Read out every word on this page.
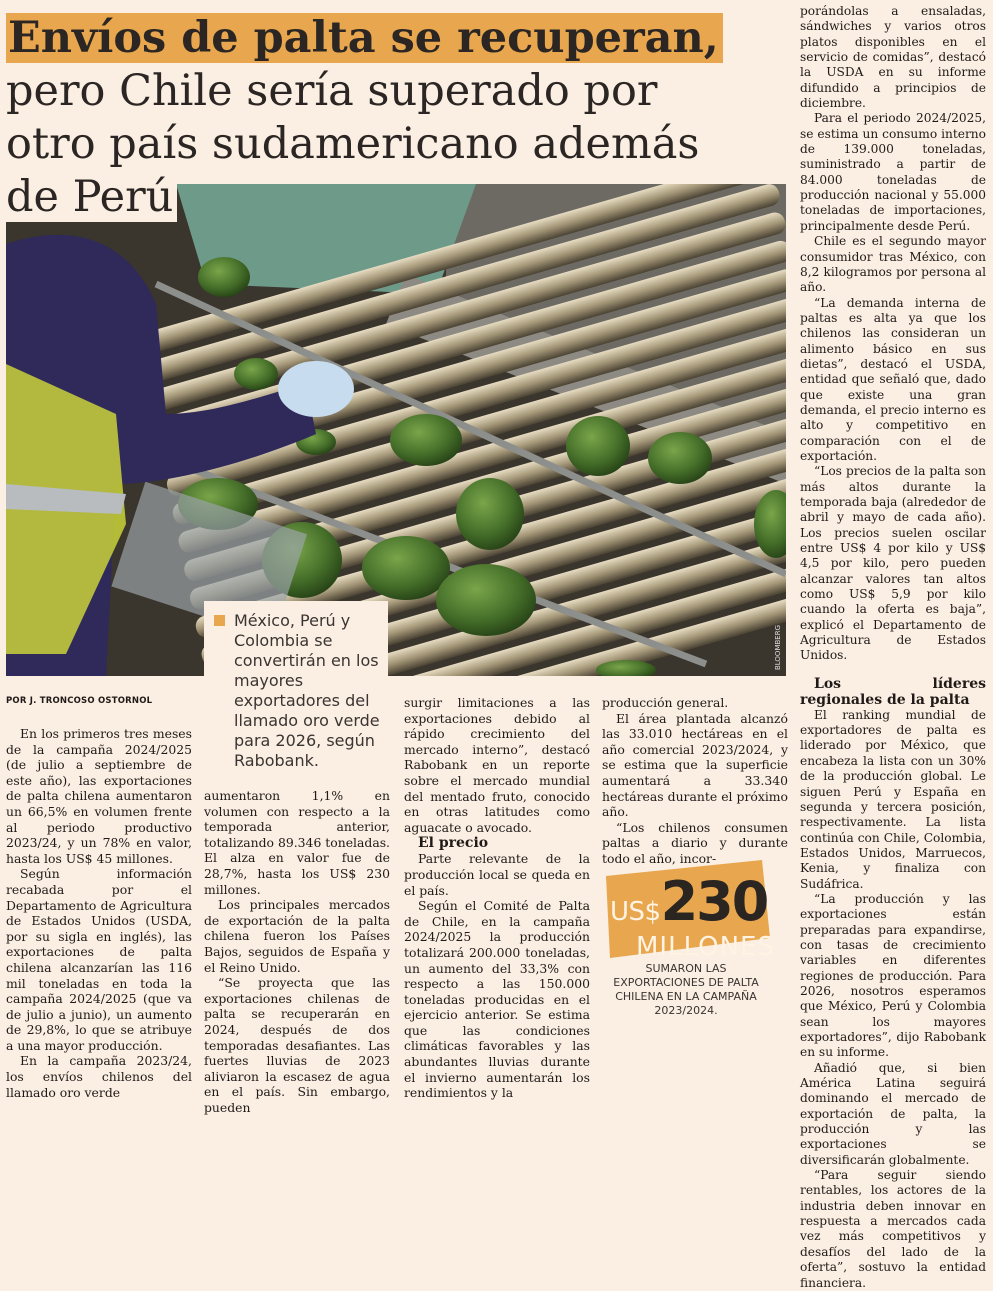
BLOOMBERG
Envíos de palta se recuperan,
pero Chile sería superado por otro país sudamericano además de Perú
México, Perú y Colombia se convertirán en los mayores exportadores del llamado oro verde para 2026, según Rabobank.
POR J. TRONCOSO OSTORNOL

En los primeros tres meses de la campaña 2024/2025 (de julio a septiembre de este año), las exportaciones de palta chilena aumentaron un 66,5% en volumen frente al periodo productivo 2023/24, y un 78% en valor, hasta los US$ 45 millones.

Según información recabada por el Departamento de Agricultura de Estados Unidos (USDA, por su sigla en inglés), las exportaciones de palta chilena alcanzarían las 116 mil toneladas en toda la campaña 2024/2025 (que va de julio a junio), un aumento de 29,8%, lo que se atribuye a una mayor producción.

En la campaña 2023/24, los envíos chilenos del llamado oro verde

aumentaron 1,1% en volumen con respecto a la temporada anterior, totalizando 89.346 toneladas. El alza en valor fue de 28,7%, hasta los US$ 230 millones.

Los principales mercados de exportación de la palta chilena fueron los Países Bajos, seguidos de España y el Reino Unido.

“Se proyecta que las exportaciones chilenas de palta se recuperarán en 2024, después de dos temporadas desafiantes. Las fuertes lluvias de 2023 aliviaron la escasez de agua en el país. Sin embargo, pueden

surgir limitaciones a las exportaciones debido al rápido crecimiento del mercado interno”, destacó Rabobank en un reporte sobre el mercado mundial del mentado fruto, conocido en otras latitudes como aguacate o avocado.

El precio

Parte relevante de la producción local se queda en el país.

Según el Comité de Palta de Chile, en la campaña 2024/2025 la producción totalizará 200.000 toneladas, un aumento del 33,3% con respecto a las 150.000 toneladas producidas en el ejercicio anterior. Se estima que las condiciones climáticas favorables y las abundantes lluvias durante el invierno aumentarán los rendimientos y la

producción general.

El área plantada alcanzó las 33.010 hectáreas en el año comercial 2023/2024, y se estima que la superficie aumentará a 33.340 hectáreas durante el próximo año.

“Los chilenos consumen paltas a diario y durante todo el año, incor-

porándolas a ensaladas, sándwiches y varios otros platos disponibles en el servicio de comidas”, destacó la USDA en su informe difundido a principios de diciembre.

Para el periodo 2024/2025, se estima un consumo interno de 139.000 toneladas, suministrado a partir de 84.000 toneladas de producción nacional y 55.000 toneladas de importaciones, principalmente desde Perú.

Chile es el segundo mayor consumidor tras México, con 8,2 kilogramos por persona al año.

“La demanda interna de paltas es alta ya que los chilenos las consideran un alimento básico en sus dietas”, destacó el USDA, entidad que señaló que, dado que existe una gran demanda, el precio interno es alto y competitivo en comparación con el de exportación.

“Los precios de la palta son más altos durante la temporada baja (alrededor de abril y mayo de cada año). Los precios suelen oscilar entre US$ 4 por kilo y US$ 4,5 por kilo, pero pueden alcanzar valores tan altos como US$ 5,9 por kilo cuando la oferta es baja”, explicó el Departamento de Agricultura de Estados Unidos.

Los líderes regionales de la palta

El ranking mundial de exportadores de palta es liderado por México, que encabeza la lista con un 30% de la producción global. Le siguen Perú y España en segunda y tercera posición, respectivamente. La lista continúa con Chile, Colombia, Estados Unidos, Marruecos, Kenia, y finaliza con Sudáfrica.

“La producción y las exportaciones están preparadas para expandirse, con tasas de crecimiento variables en diferentes regiones de producción. Para 2026, nosotros esperamos que México, Perú y Colombia sean los mayores exportadores”, dijo Rabobank en su informe.

Añadió que, si bien América Latina seguirá dominando el mercado de exportación de palta, la producción y las exportaciones se diversificarán globalmente.

“Para seguir siendo rentables, los actores de la industria deben innovar en respuesta a mercados cada vez más competitivos y desafíos del lado de la oferta”, sostuvo la entidad financiera.

US$230
MILLONES
SUMARON LAS EXPORTACIONES DE PALTA CHILENA EN LA CAMPAÑA 2023/2024.
